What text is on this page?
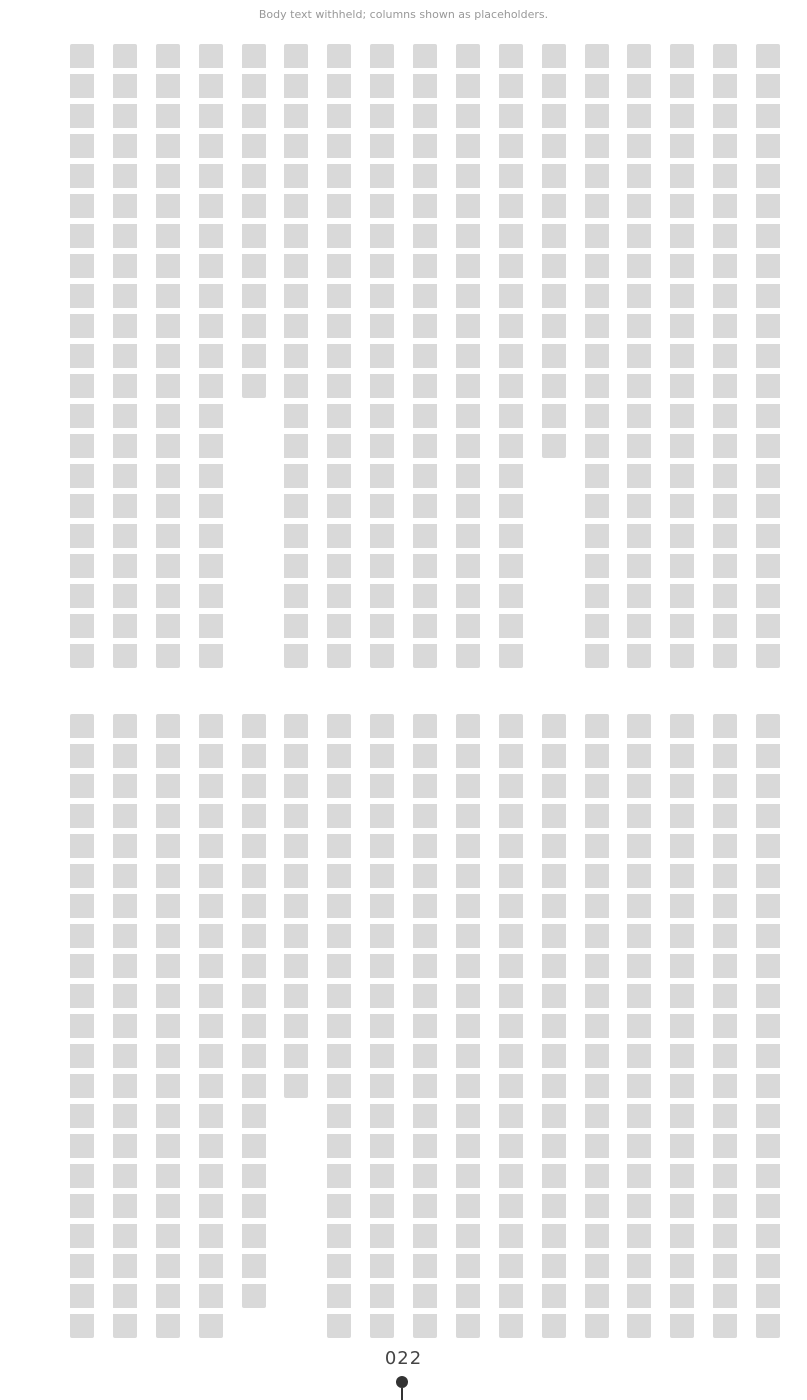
Body text withheld; columns shown as placeholders.
022
